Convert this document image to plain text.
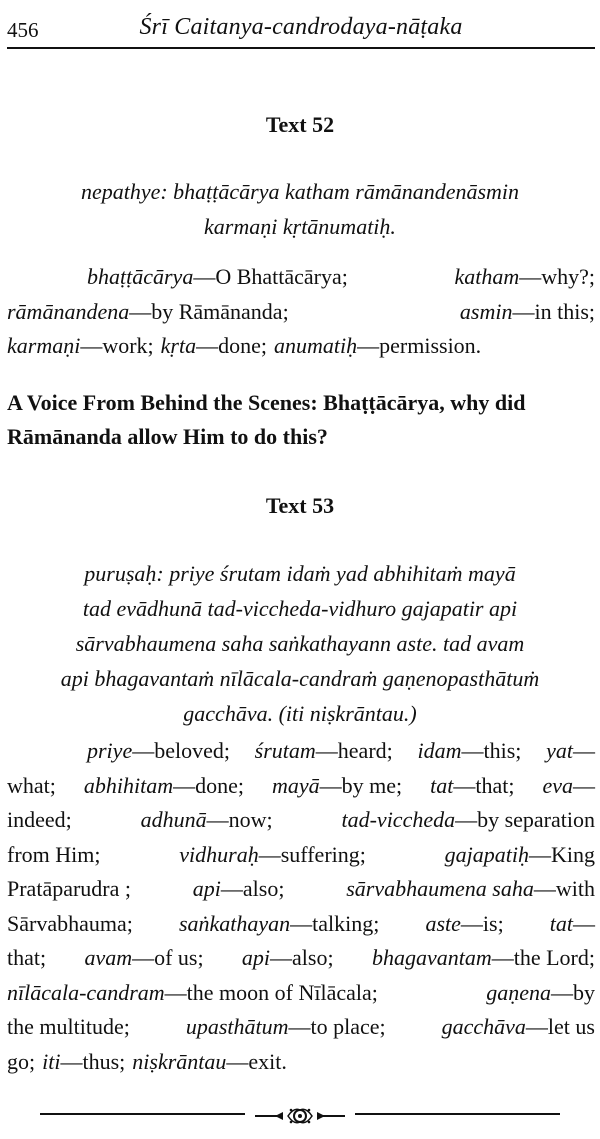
456	Śrī Caitanya-candrodaya-nāṭaka
Text 52
nepathye: bhaṭṭācārya katham rāmānandenāsmin
karmaṇi kṛtānumatiḥ.
bhaṭṭācārya—O Bhattācārya;	katham—why?;
rāmānandena—by Rāmānanda;	asmin—in this;
karmaṇi—work; kṛta—done; anumatiḥ—permission.
A Voice From Behind the Scenes: Bhaṭṭācārya, why did Rāmānanda allow Him to do this?
Text 53
puruṣaḥ: priye śrutam idaṁ yad abhihitaṁ mayā
tad evādhunā tad-viccheda-vidhuro gajapatir api
sārvabhaumena saha saṅkathayann aste. tad avam
api bhagavantaṁ nīlācala-candraṁ gaṇenopasthātuṁ
gacchāva. (iti niṣkrāntau.)
priye—beloved; śrutam—heard; idam—this; yat—
what; abhihitam—done; mayā—by me; tat—that; eva—
indeed;	adhunā—now;	tad-viccheda—by separation
from Him;	vidhuraḥ—suffering;	gajapatiḥ—King
Pratāparudra ;	api—also;	sārvabhaumena saha—with
Sārvabhauma; saṅkathayan—talking; aste—is; tat—
that; avam—of us; api—also; bhagavantam—the Lord;
nīlācala-candram—the moon of Nīlācala;	gaṇena—by
the multitude;	upasthātum—to place;	gacchāva—let us
go; iti—thus; niṣkrāntau—exit.
